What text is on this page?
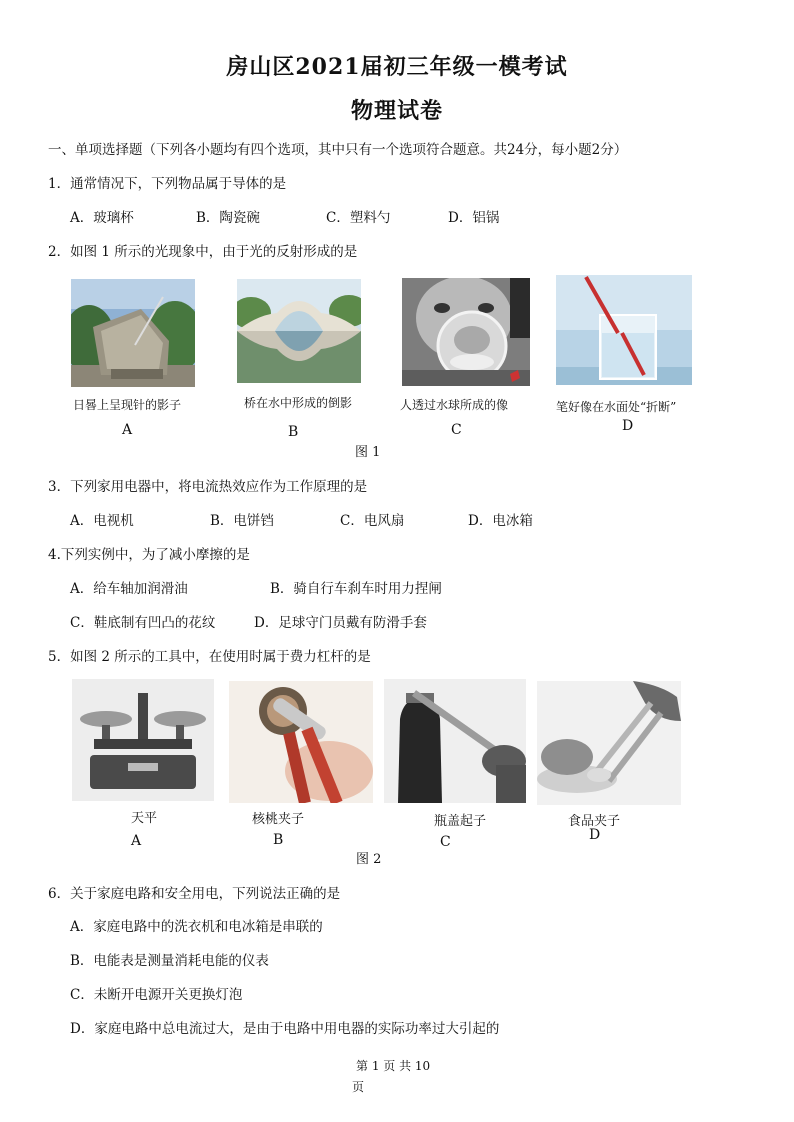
房山区2021届初三年级一模考试
物理试卷
一、单项选择题（下列各小题均有四个选项，其中只有一个选项符合题意。共24分，每小题2分）
1．通常情况下，下列物品属于导体的是
A．玻璃杯	B．陶瓷碗	C．塑料勺	D．铝锅
2．如图 1 所示的光现象中，由于光的反射形成的是
日晷上呈现针的影子
A
桥在水中形成的倒影
B
人透过水球所成的像
C
笔好像在水面处“折断”
D
图 1
3．下列家用电器中，将电流热效应作为工作原理的是
A．电视机	B．电饼铛	C．电风扇	D．电冰箱
4.下列实例中，为了减小摩擦的是
A．给车轴加润滑油	B．骑自行车刹车时用力捏闸
C．鞋底制有凹凸的花纹	D．足球守门员戴有防滑手套
5．如图 2 所示的工具中，在使用时属于费力杠杆的是
天平
A
核桃夹子
B
瓶盖起子
C
食品夹子
D
图 2
6．关于家庭电路和安全用电，下列说法正确的是
A．家庭电路中的洗衣机和电冰箱是串联的
B．电能表是测量消耗电能的仪表
C．未断开电源开关更换灯泡
D．家庭电路中总电流过大，是由于电路中用电器的实际功率过大引起的
第 1 页 共 10
页
